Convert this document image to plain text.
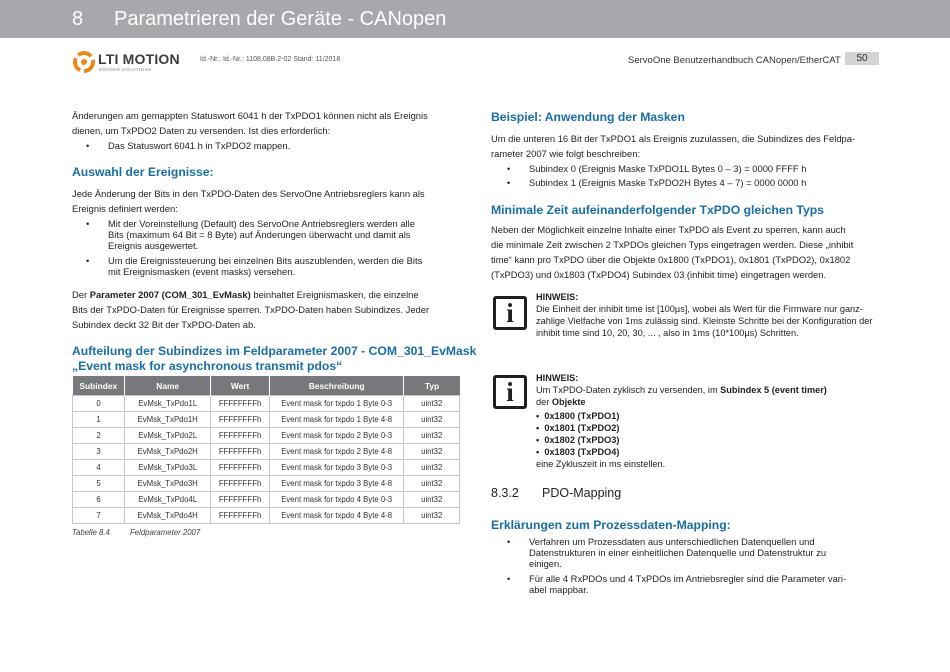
8 Parametrieren der Geräte - CANopen
LTI MOTION
KÖRBER SOLUTIONS
Id.-Nr.: Id.-Nr.: 1108.08B.2-02 Stand: 11/2018	ServoOne Benutzerhandbuch CANopen/EtherCAT	50

Änderungen am gemappten Statuswort 6041 h der TxPDO1 können nicht als Ereignis

dienen, um TxPDO2 Daten zu versenden. Ist dies erforderlich:

• Das Statuswort 6041 h in TxPDO2 mappen.
Auswahl der Ereignisse:

Jede Änderung der Bits in den TxPDO-Daten des ServoOne Antriebsreglers kann als

Ereignis definiert werden:

• Mit der Voreinstellung (Default) des ServoOne Antriebsreglers werden alle
Bits (maximum 64 Bit = 8 Byte) auf Änderungen überwacht und damit als
Ereignis ausgewertet.
• Um die Ereignissteuerung bei einzelnen Bits auszublenden, werden die Bits
mit Ereignismasken (event masks) versehen.

Der Parameter 2007 (COM_301_EvMask) beinhaltet Ereignismasken, die einzelne

Bits der TxPDO-Daten für Ereignisse sperren. TxPDO-Daten haben Subindizes. Jeder

Subindex deckt 32 Bit der TxPDO-Daten ab.

Aufteilung der Subindizes im Feldparameter 2007 - COM_301_EvMask
„Event mask for asynchronous transmit pdos“
Subindex	Name	Wert	Beschreibung	Typ
0	EvMsk_TxPdo1L	FFFFFFFFh	Event mask for txpdo 1 Byte 0-3	uint32
1	EvMsk_TxPdo1H	FFFFFFFFh	Event mask for txpdo 1 Byte 4-8	uint32
2	EvMsk_TxPdo2L	FFFFFFFFh	Event mask for txpdo 2 Byte 0-3	uint32
3	EvMsk_TxPdo2H	FFFFFFFFh	Event mask for txpdo 2 Byte 4-8	uint32
4	EvMsk_TxPdo3L	FFFFFFFFh	Event mask for txpdo 3 Byte 0-3	uint32
5	EvMsk_TxPdo3H	FFFFFFFFh	Event mask for txpdo 3 Byte 4-8	uint32
6	EvMsk_TxPdo4L	FFFFFFFFh	Event mask for txpdo 4 Byte 0-3	uint32
7	EvMsk_TxPdo4H	FFFFFFFFh	Event mask for txpdo 4 Byte 4-8	uint32
Tabelle 8.4	Feldparameter 2007
Beispiel: Anwendung der Masken

Um die unteren 16 Bit der TxPDO1 als Ereignis zuzulassen, die Subindizes des Feldpa-

rameter 2007 wie folgt beschreiben:

• Subindex 0 (Ereignis Maske TxPDO1L Bytes 0 – 3) = 0000 FFFF h
• Subindex 1 (Ereignis Maske TxPDO2H Bytes 4 – 7) = 0000 0000 h
Minimale Zeit aufeinanderfolgender TxPDO gleichen Typs

Neben der Möglichkeit einzelne Inhalte einer TxPDO als Event zu sperren, kann auch

die minimale Zeit zwischen 2 TxPDOs gleichen Typs eingetragen werden. Diese „inhibit

time“ kann pro TxPDO über die Objekte 0x1800 (TxPDO1), 0x1801 (TxPDO2), 0x1802

(TxPDO3) und 0x1803 (TxPDO4) Subindex 03 (inhibit time) eingetragen werden.

i
HINWEIS:
Die Einheit der inhibit time ist [100µs], wobei als Wert für die Firmware nur ganz-
zahlige Vielfache von 1ms zulässig sind. Kleinste Schritte bei der Konfiguration der
inhibit time sind 10, 20, 30, ... , also in 1ms (10*100µs) Schritten.
i	HINWEIS:
Um TxPDO-Daten zyklisch zu versenden, im Subindex 5 (event timer)
der Objekte
•  0x1800 (TxPDO1)
•  0x1801 (TxPDO2)
•  0x1802 (TxPDO3)
•  0x1803 (TxPDO4)
eine Zykluszeit in ms einstellen.
8.3.2 PDO-Mapping
Erklärungen zum Prozessdaten-Mapping:
• Verfahren um Prozessdaten aus unterschiedlichen Datenquellen und
Datenstrukturen in einer einheitlichen Datenquelle und Datenstruktur zu
einigen.
• Für alle 4 RxPDOs und 4 TxPDOs im Antriebsregler sind die Parameter vari-
abel mappbar.
